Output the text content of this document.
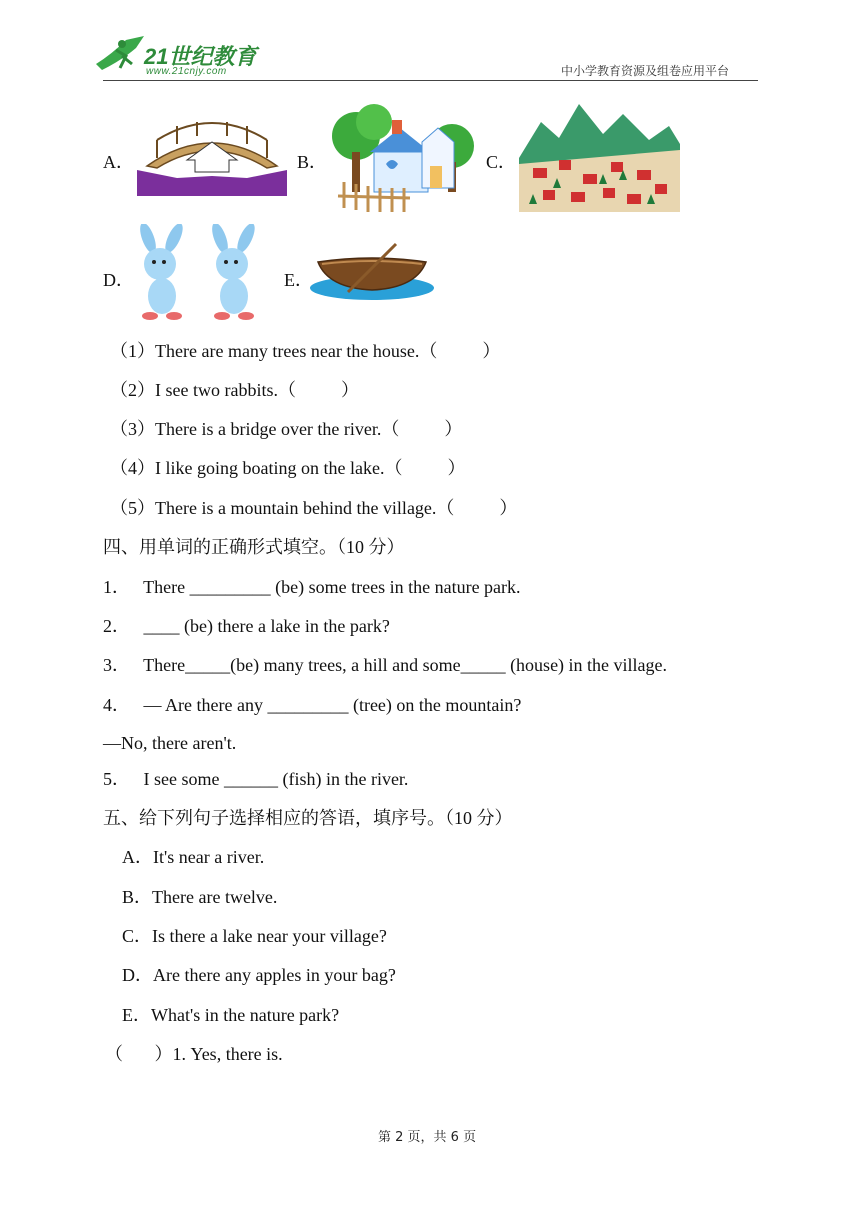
21世纪教育
www.21cnjy.com	中小学教育资源及组卷应用平台
A．	B．	C．
D．	E．
（1）There are many trees near the house.（          ）
（2）I see two rabbits.（          ）
（3）There is a bridge over the river.（          ）
（4）I like going boating on the lake.（          ）
（5）There is a mountain behind the village.（          ）
四、用单词的正确形式填空。（10 分）
1．   There _________ (be) some trees in the nature park.
2．   ____ (be) there a lake in the park?
3．   There_____(be) many trees, a hill and some_____ (house) in the village.
4．   — Are there any _________ (tree) on the mountain?
—No, there aren't.
5．   I see some ______ (fish) in the river.
五、给下列句子选择相应的答语，填序号。（10 分）
A．It's near a river.
B．There are twelve.
C．Is there a lake near your village?
D．Are there any apples in your bag?
E．What's in the nature park?
（       ）1. Yes, there is.
第 2 页，共 6 页
